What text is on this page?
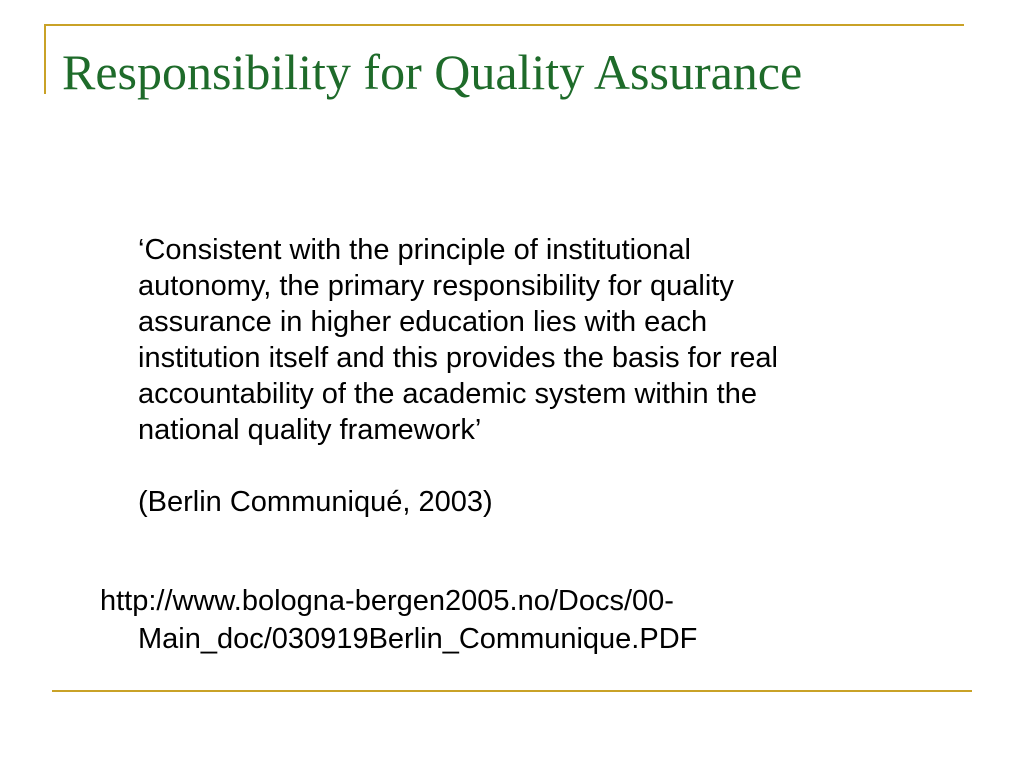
Responsibility for Quality Assurance
‘Consistent with the principle of institutional
autonomy, the primary responsibility for quality
assurance in higher education lies with each
institution itself and this provides the basis for real
accountability of the academic system within the
national quality framework’

(Berlin Communiqué, 2003)

http://www.bologna-bergen2005.no/Docs/00-
Main_doc/030919Berlin_Communique.PDF
